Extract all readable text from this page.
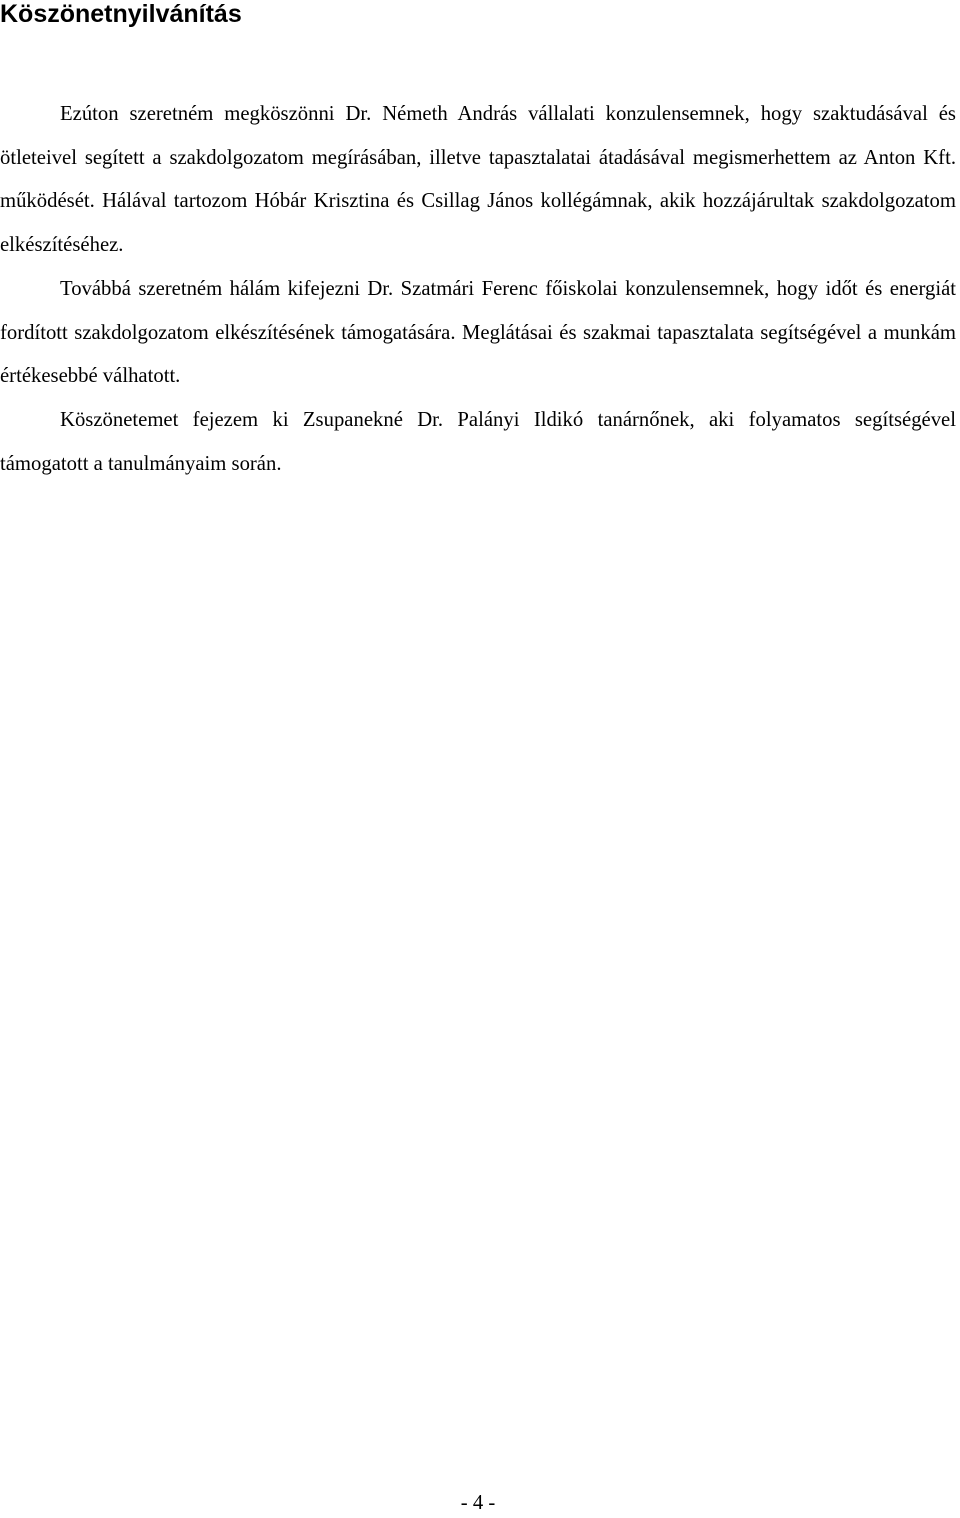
Köszönetnyilvánítás

Ezúton szeretném megköszönni Dr. Németh András vállalati konzulensemnek, hogy szaktudásával és ötleteivel segített a szakdolgozatom megírásában, illetve tapasztalatai átadásával megismerhettem az Anton Kft. működését. Hálával tartozom Hóbár Krisztina és Csillag János kollégámnak, akik hozzájárultak szakdolgozatom elkészítéséhez.

Továbbá szeretném hálám kifejezni Dr. Szatmári Ferenc főiskolai konzulensemnek, hogy időt és energiát fordított szakdolgozatom elkészítésének támogatására. Meglátásai és szakmai tapasztalata segítségével a munkám értékesebbé válhatott.

Köszönetemet fejezem ki Zsupanekné Dr. Palányi Ildikó tanárnőnek, aki folyamatos segítségével támogatott a tanulmányaim során.

- 4 -
